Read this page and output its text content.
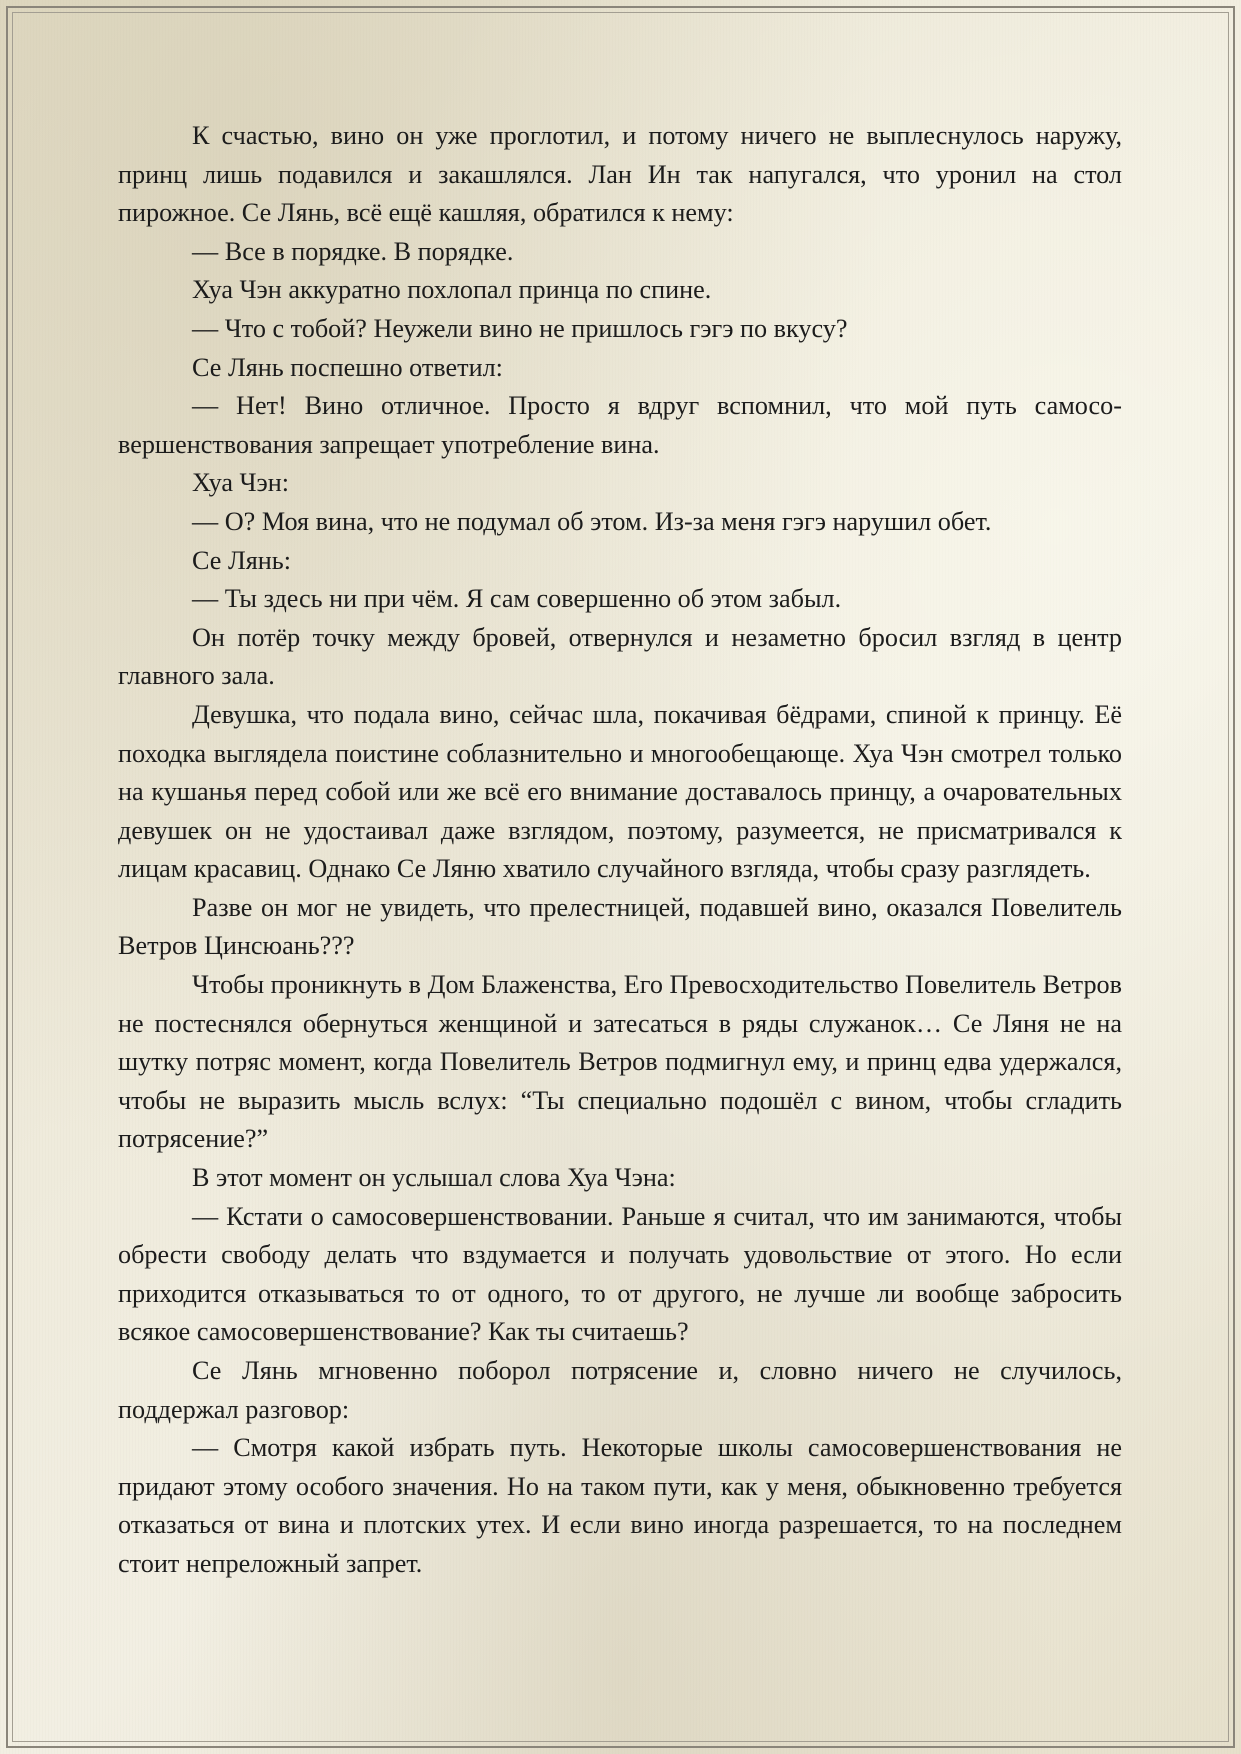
К счастью, вино он уже проглотил, и потому ничего не выплеснулось наружу, принц лишь подавился и закашлялся. Лан Ин так напугался, что уронил на стол пирожное. Се Лянь, всё ещё кашляя, обратился к нему:

— Все в порядке. В порядке.

Хуа Чэн аккуратно похлопал принца по спине.

— Что с тобой? Неужели вино не пришлось гэгэ по вкусу?

Се Лянь поспешно ответил:

— Нет! Вино отличное. Просто я вдруг вспомнил, что мой путь самосовершенствования запрещает употребление вина.

Хуа Чэн:

— О? Моя вина, что не подумал об этом. Из-за меня гэгэ нарушил обет.

Се Лянь:

— Ты здесь ни при чём. Я сам совершенно об этом забыл.

Он потёр точку между бровей, отвернулся и незаметно бросил взгляд в центр главного зала.

Девушка, что подала вино, сейчас шла, покачивая бёдрами, спиной к принцу. Её походка выглядела поистине соблазнительно и многообещающе. Хуа Чэн смотрел только на кушанья перед собой или же всё его внимание доставалось принцу, а очаровательных девушек он не удостаивал даже взглядом, поэтому, разумеется, не присматривался к лицам красавиц. Однако Се Ляню хватило случайного взгляда, чтобы сразу разглядеть.

Разве он мог не увидеть, что прелестницей, подавшей вино, оказался Повелитель Ветров Цинсюань???

Чтобы проникнуть в Дом Блаженства, Его Превосходительство Повелитель Ветров не постеснялся обернуться женщиной и затесаться в ряды служанок… Се Ляня не на шутку потряс момент, когда Повелитель Ветров подмигнул ему, и принц едва удержался, чтобы не выразить мысль вслух: “Ты специально подошёл с вином, чтобы сгладить потрясение?”

В этот момент он услышал слова Хуа Чэна:

— Кстати о самосовершенствовании. Раньше я считал, что им занимаются, чтобы обрести свободу делать что вздумается и получать удовольствие от этого. Но если приходится отказываться то от одного, то от другого, не лучше ли вообще забросить всякое самосовершенствование? Как ты считаешь?

Се Лянь мгновенно поборол потрясение и, словно ничего не случилось, поддержал разговор:

— Смотря какой избрать путь. Некоторые школы самосовершенствования не придают этому особого значения. Но на таком пути, как у меня, обыкновенно требуется отказаться от вина и плотских утех. И если вино иногда разрешается, то на последнем стоит непреложный запрет.
